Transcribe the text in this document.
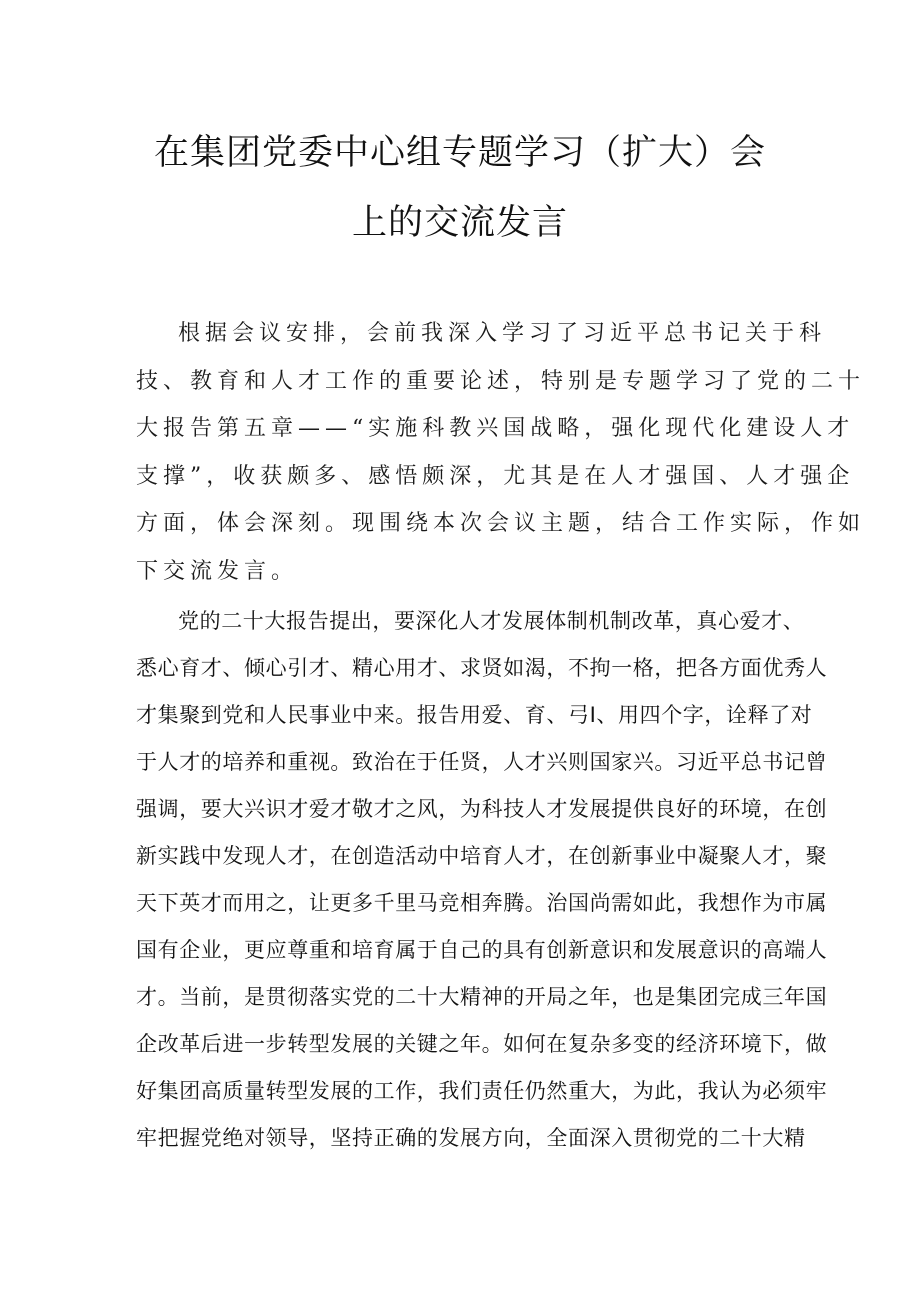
在集团党委中心组专题学习（扩大）会
上的交流发言
根据会议安排，会前我深入学习了习近平总书记关于科
技、教育和人才工作的重要论述，特别是专题学习了党的二十
大报告第五章——“实施科教兴国战略，强化现代化建设人才
支撑”，收获颇多、感悟颇深，尤其是在人才强国、人才强企
方面，体会深刻。现围绕本次会议主题，结合工作实际，作如
下交流发言。
党的二十大报告提出，要深化人才发展体制机制改革，真心爱才、
悉心育才、倾心引才、精心用才、求贤如渴，不拘一格，把各方面优秀人
才集聚到党和人民事业中来。报告用爱、育、弓I、用四个字，诠释了对
于人才的培养和重视。致治在于任贤，人才兴则国家兴。习近平总书记曾
强调，要大兴识才爱才敬才之风，为科技人才发展提供良好的环境，在创
新实践中发现人才，在创造活动中培育人才，在创新事业中凝聚人才，聚
天下英才而用之，让更多千里马竞相奔腾。治国尚需如此，我想作为市属
国有企业，更应尊重和培育属于自己的具有创新意识和发展意识的高端人
才。当前，是贯彻落实党的二十大精神的开局之年，也是集团完成三年国
企改革后进一步转型发展的关键之年。如何在复杂多变的经济环境下，做
好集团高质量转型发展的工作，我们责任仍然重大，为此，我认为必须牢
牢把握党绝对领导，坚持正确的发展方向，全面深入贯彻党的二十大精
